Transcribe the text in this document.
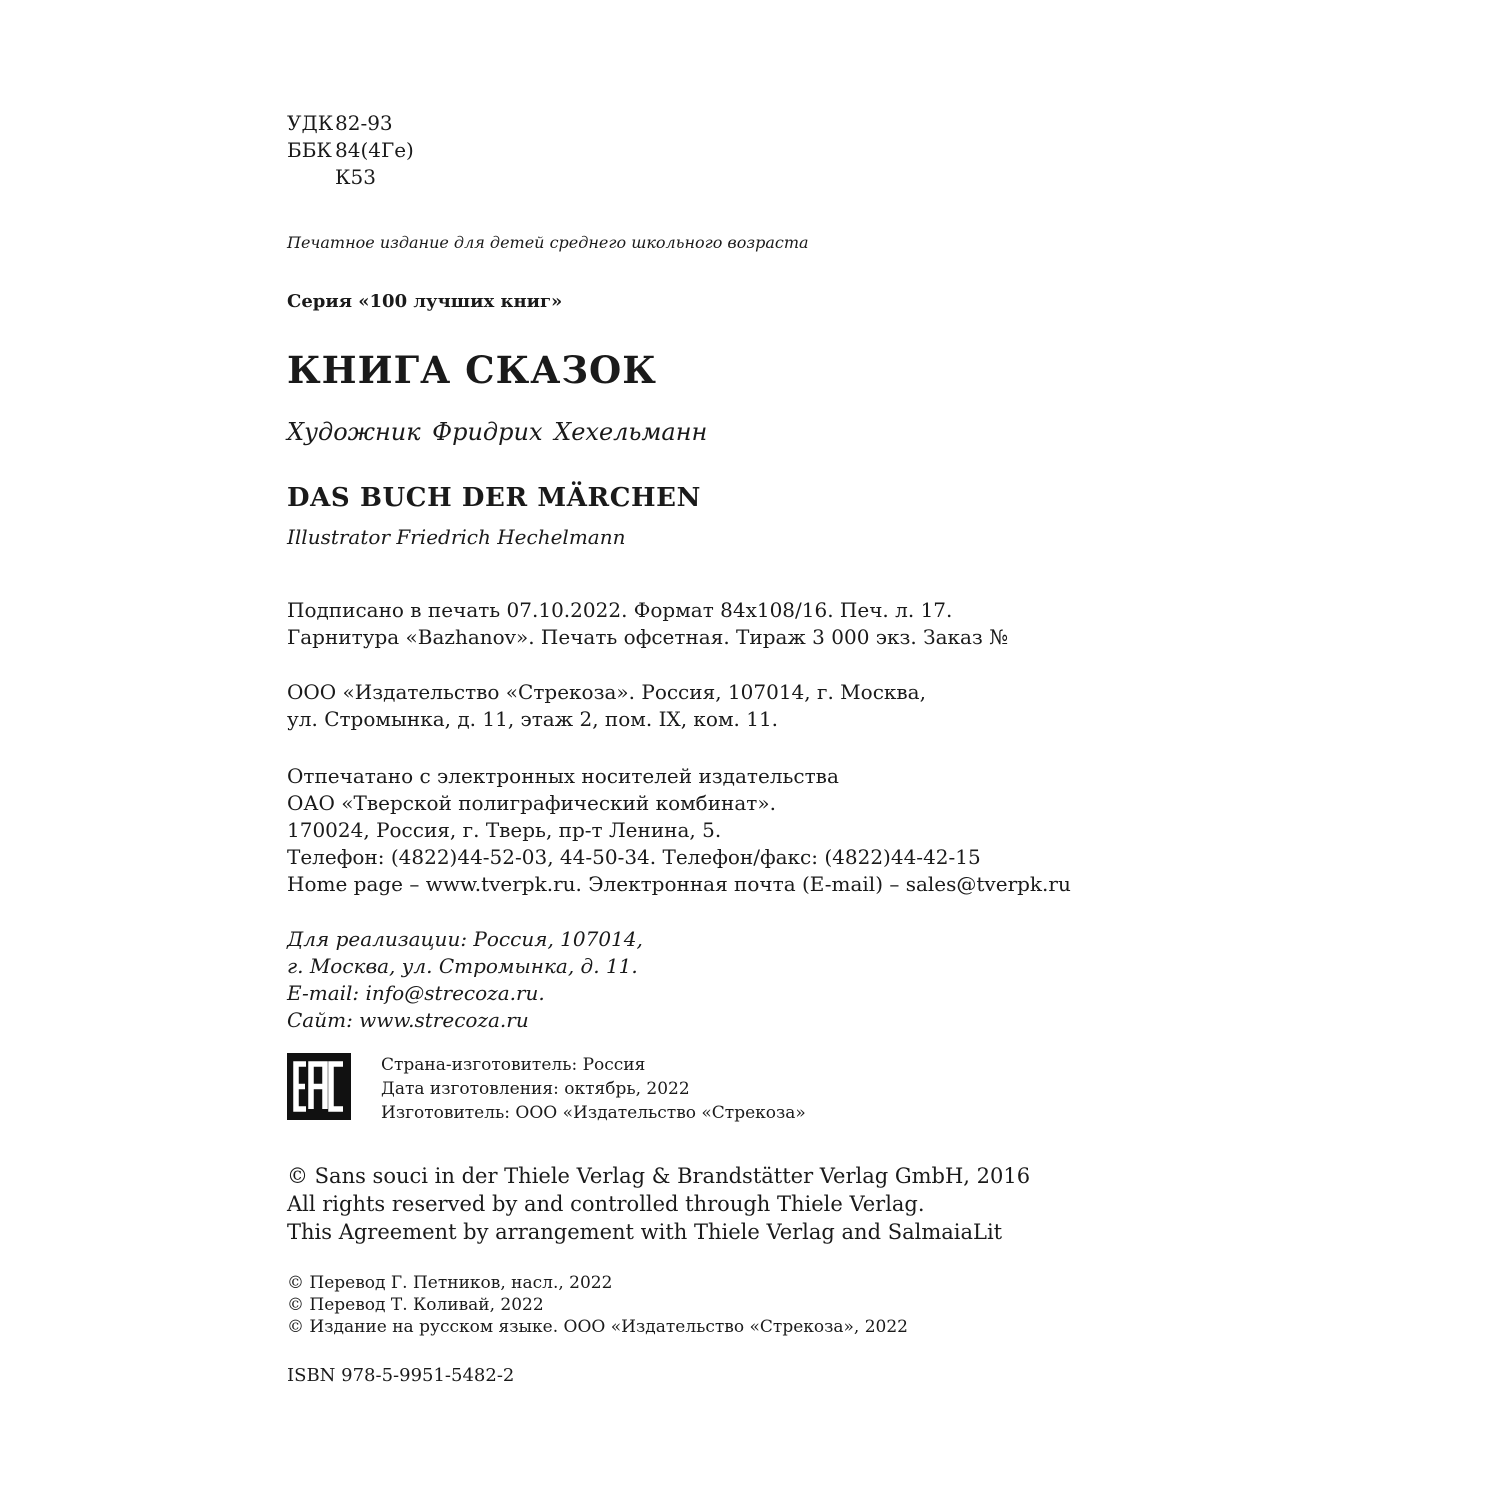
УДК82-93
ББК 84(4Ге)
К53
Печатное издание для детей среднего школьного возраста
Серия «100 лучших книг»
КНИГА СКАЗОК
Художник Фридрих Хехельманн
DAS BUCH DER MÄRCHEN
Illustrator Friedrich Hechelmann
Подписано в печать 07.10.2022. Формат 84х108/16. Печ. л. 17.
Гарнитура «Bazhanov». Печать офсетная. Тираж 3 000 экз. Заказ №
ООО «Издательство «Стрекоза». Россия, 107014, г. Москва,
ул. Стромынка, д. 11, этаж 2, пом. IX, ком. 11.
Отпечатано с электронных носителей издательства
ОАО «Тверской полиграфический комбинат».
170024, Россия, г. Тверь, пр-т Ленина, 5.
Телефон: (4822)44-52-03, 44-50-34. Телефон/факс: (4822)44-42-15
Home page – www.tverpk.ru. Электронная почта (E-mail) – sales@tverpk.ru
Для реализации: Россия, 107014,
г. Москва, ул. Стромынка, д. 11.
E-mail: info@strecoza.ru.
Сайт: www.strecoza.ru
Страна-изготовитель: Россия
Дата изготовления: октябрь, 2022
Изготовитель: ООО «Издательство «Стрекоза»
© Sans souci in der Thiele Verlag & Brandstätter Verlag GmbH, 2016
All rights reserved by and controlled through Thiele Verlag.
This Agreement by arrangement with Thiele Verlag and SalmaiaLit
© Перевод Г. Петников, насл., 2022
© Перевод Т. Коливай, 2022
© Издание на русском языке. ООО «Издательство «Стрекоза», 2022
ISBN 978-5-9951-5482-2
